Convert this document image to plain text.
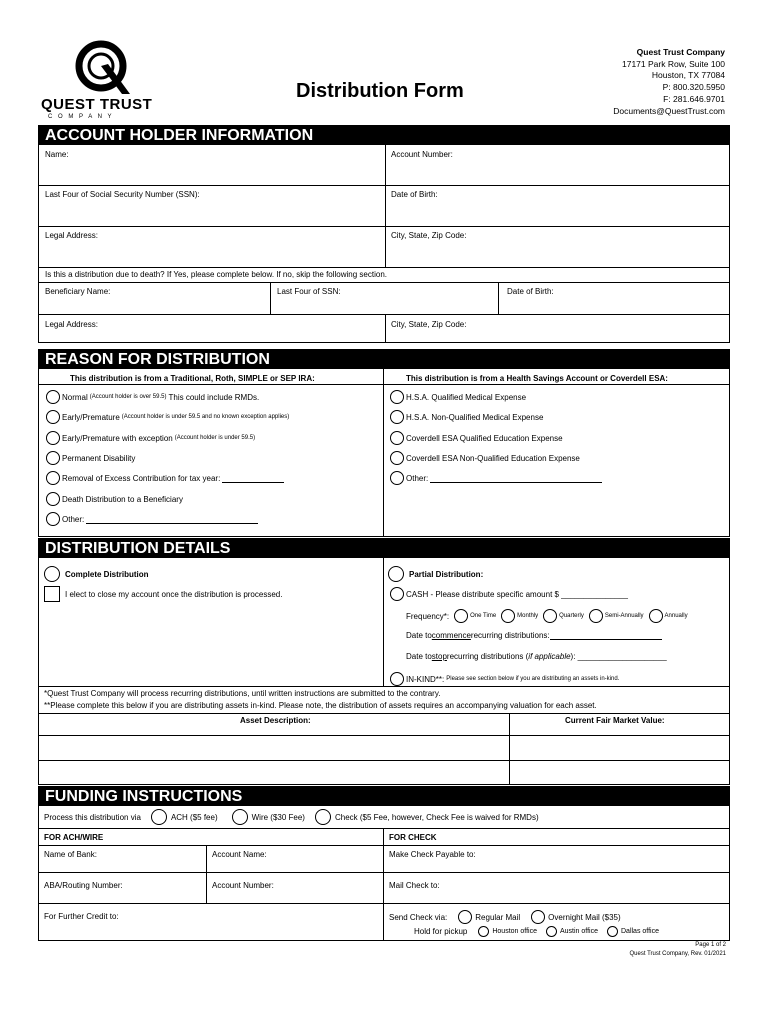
QUEST TRUST
C O M P A N Y
Distribution Form
Quest Trust Company
17171 Park Row, Suite 100
Houston, TX 77084
P: 800.320.5950
F: 281.646.9701
Documents@QuestTrust.com
ACCOUNT HOLDER INFORMATION
Name:	Account Number:
Last Four of Social Security Number (SSN):	Date of Birth:
Legal Address:	City, State, Zip Code:
Is this a distribution due to death? If Yes, please complete below. If no, skip the following section.
Beneficiary Name:	Last Four of SSN:	Date of Birth:
Legal Address:	City, State, Zip Code:
REASON FOR DISTRIBUTION
This distribution is from a Traditional, Roth, SIMPLE or SEP IRA:	This distribution is from a Health Savings Account or Coverdell ESA:
Normal (Account holder is over 59.5) This could include RMDs.
Early/Premature (Account holder is under 59.5 and no known exception applies)
Early/Premature with exception (Account holder is under 59.5)
Permanent Disability
Removal of Excess Contribution for tax year:
Death Distribution to a Beneficiary
Other:
H.S.A. Qualified Medical Expense
H.S.A. Non-Qualified Medical Expense
Coverdell ESA Qualified Education Expense
Coverdell ESA Non-Qualified Education Expense
Other:
DISTRIBUTION DETAILS
Complete Distribution
I elect to close my account once the distribution is processed.
Partial Distribution:
CASH - Please distribute specific amount $ _______________
Frequency*:	One Time	Monthly	Quarterly	Semi-Annually	Annually
Date to commence recurring distributions:
Date to stop recurring distributions ( if applicable ): ____________________
IN-KIND**: Please see section below if you are distributing an assets in-kind.
*Quest Trust Company will process recurring distributions, until written instructions are submitted to the contrary.
**Please complete this below if you are distributing assets in-kind. Please note, the distribution of assets requires an accompanying valuation for each asset.
Asset Description:	Current Fair Market Value:
FUNDING INSTRUCTIONS
Process this distribution via	ACH ($5 fee)	Wire ($30 Fee)	Check ($5 Fee, however, Check Fee is waived for RMDs)
FOR ACH/WIRE	FOR CHECK
Name of Bank:	Account Name:	Make Check Payable to:
ABA/Routing Number:	Account Number:	Mail Check to:
For Further Credit to:	Send Check via:	Regular Mail	Overnight Mail ($35)
Hold for pickup	Houston office	Austin office	Dallas office
Page 1 of 2
Quest Trust Company, Rev. 01/2021
